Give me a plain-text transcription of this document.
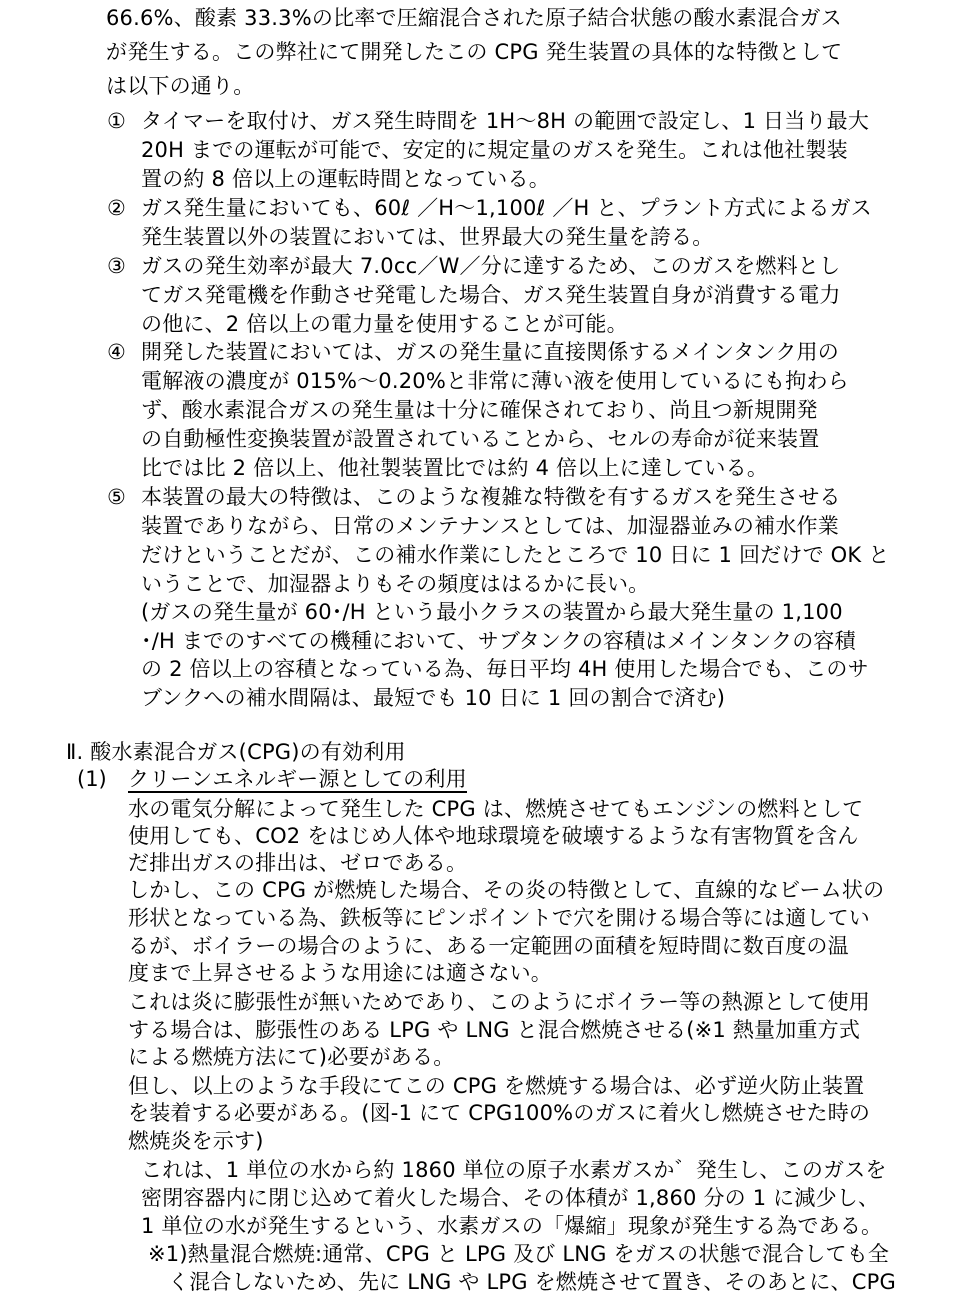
66.6%、酸素 33.3%の比率で圧縮混合された原子結合状態の酸水素混合ガス
が発生する。この弊社にて開発したこの CPG 発生装置の具体的な特徴として
は以下の通り。
① タイマーを取付け、ガス発生時間を 1H～8H の範囲で設定し、1 日当り最大
20H までの運転が可能で、安定的に規定量のガスを発生。これは他社製装
置の約 8 倍以上の運転時間となっている。
② ガス発生量においても、60ℓ ／H～1,100ℓ ／H と、プラント方式によるガス
発生装置以外の装置においては、世界最大の発生量を誇る。
③ ガスの発生効率が最大 7.0cc／W／分に達するため、このガスを燃料とし
てガス発電機を作動させ発電した場合、ガス発生装置自身が消費する電力
の他に、2 倍以上の電力量を使用することが可能。
④ 開発した装置においては、ガスの発生量に直接関係するメインタンク用の
電解液の濃度が 015%～0.20%と非常に薄い液を使用しているにも拘わら
ず、酸水素混合ガスの発生量は十分に確保されており、尚且つ新規開発
の自動極性変換装置が設置されていることから、セルの寿命が従来装置
比では比 2 倍以上、他社製装置比では約 4 倍以上に達している。
⑤ 本装置の最大の特徴は、このような複雑な特徴を有するガスを発生させる
装置でありながら、日常のメンテナンスとしては、加湿器並みの補水作業
だけということだが、この補水作業にしたところで 10 日に 1 回だけで OK と
いうことで、加湿器よりもその頻度ははるかに長い。
(ガスの発生量が 60･/H という最小クラスの装置から最大発生量の 1,100
･/H までのすべての機種において、サブタンクの容積はメインタンクの容積
の 2 倍以上の容積となっている為、毎日平均 4H 使用した場合でも、このサ
ブンクへの補水間隔は、最短でも 10 日に 1 回の割合で済む)
Ⅱ. 酸水素混合ガス(CPG)の有効利用
(1) クリーンエネルギー源としての利用
水の電気分解によって発生した CPG は、燃焼させてもエンジンの燃料として
使用しても、CO2 をはじめ人体や地球環境を破壊するような有害物質を含ん
だ排出ガスの排出は、ゼロである。
しかし、この CPG が燃焼した場合、その炎の特徴として、直線的なビーム状の
形状となっている為、鉄板等にピンポイントで穴を開ける場合等には適してい
るが、ボイラーの場合のように、ある一定範囲の面積を短時間に数百度の温
度まで上昇させるような用途には適さない。
これは炎に膨張性が無いためであり、このようにボイラー等の熱源として使用
する場合は、膨張性のある LPG や LNG と混合燃焼させる(※1 熱量加重方式
による燃焼方法にて)必要がある。
但し、以上のような手段にてこの CPG を燃焼する場合は、必ず逆火防止装置
を装着する必要がある。(図-1 にて CPG100%のガスに着火し燃焼させた時の
燃焼炎を示す)
これは、1 単位の水から約 1860 単位の原子水素ガスか゛発生し、このガスを
密閉容器内に閉じ込めて着火した場合、その体積が 1,860 分の 1 に減少し、
1 単位の水が発生するという、水素ガスの「爆縮」現象が発生する為である。
※1)熱量混合燃焼:通常、CPG と LPG 及び LNG をガスの状態で混合しても全
く混合しないため、先に LNG や LPG を燃焼させて置き、そのあとに、CPG
